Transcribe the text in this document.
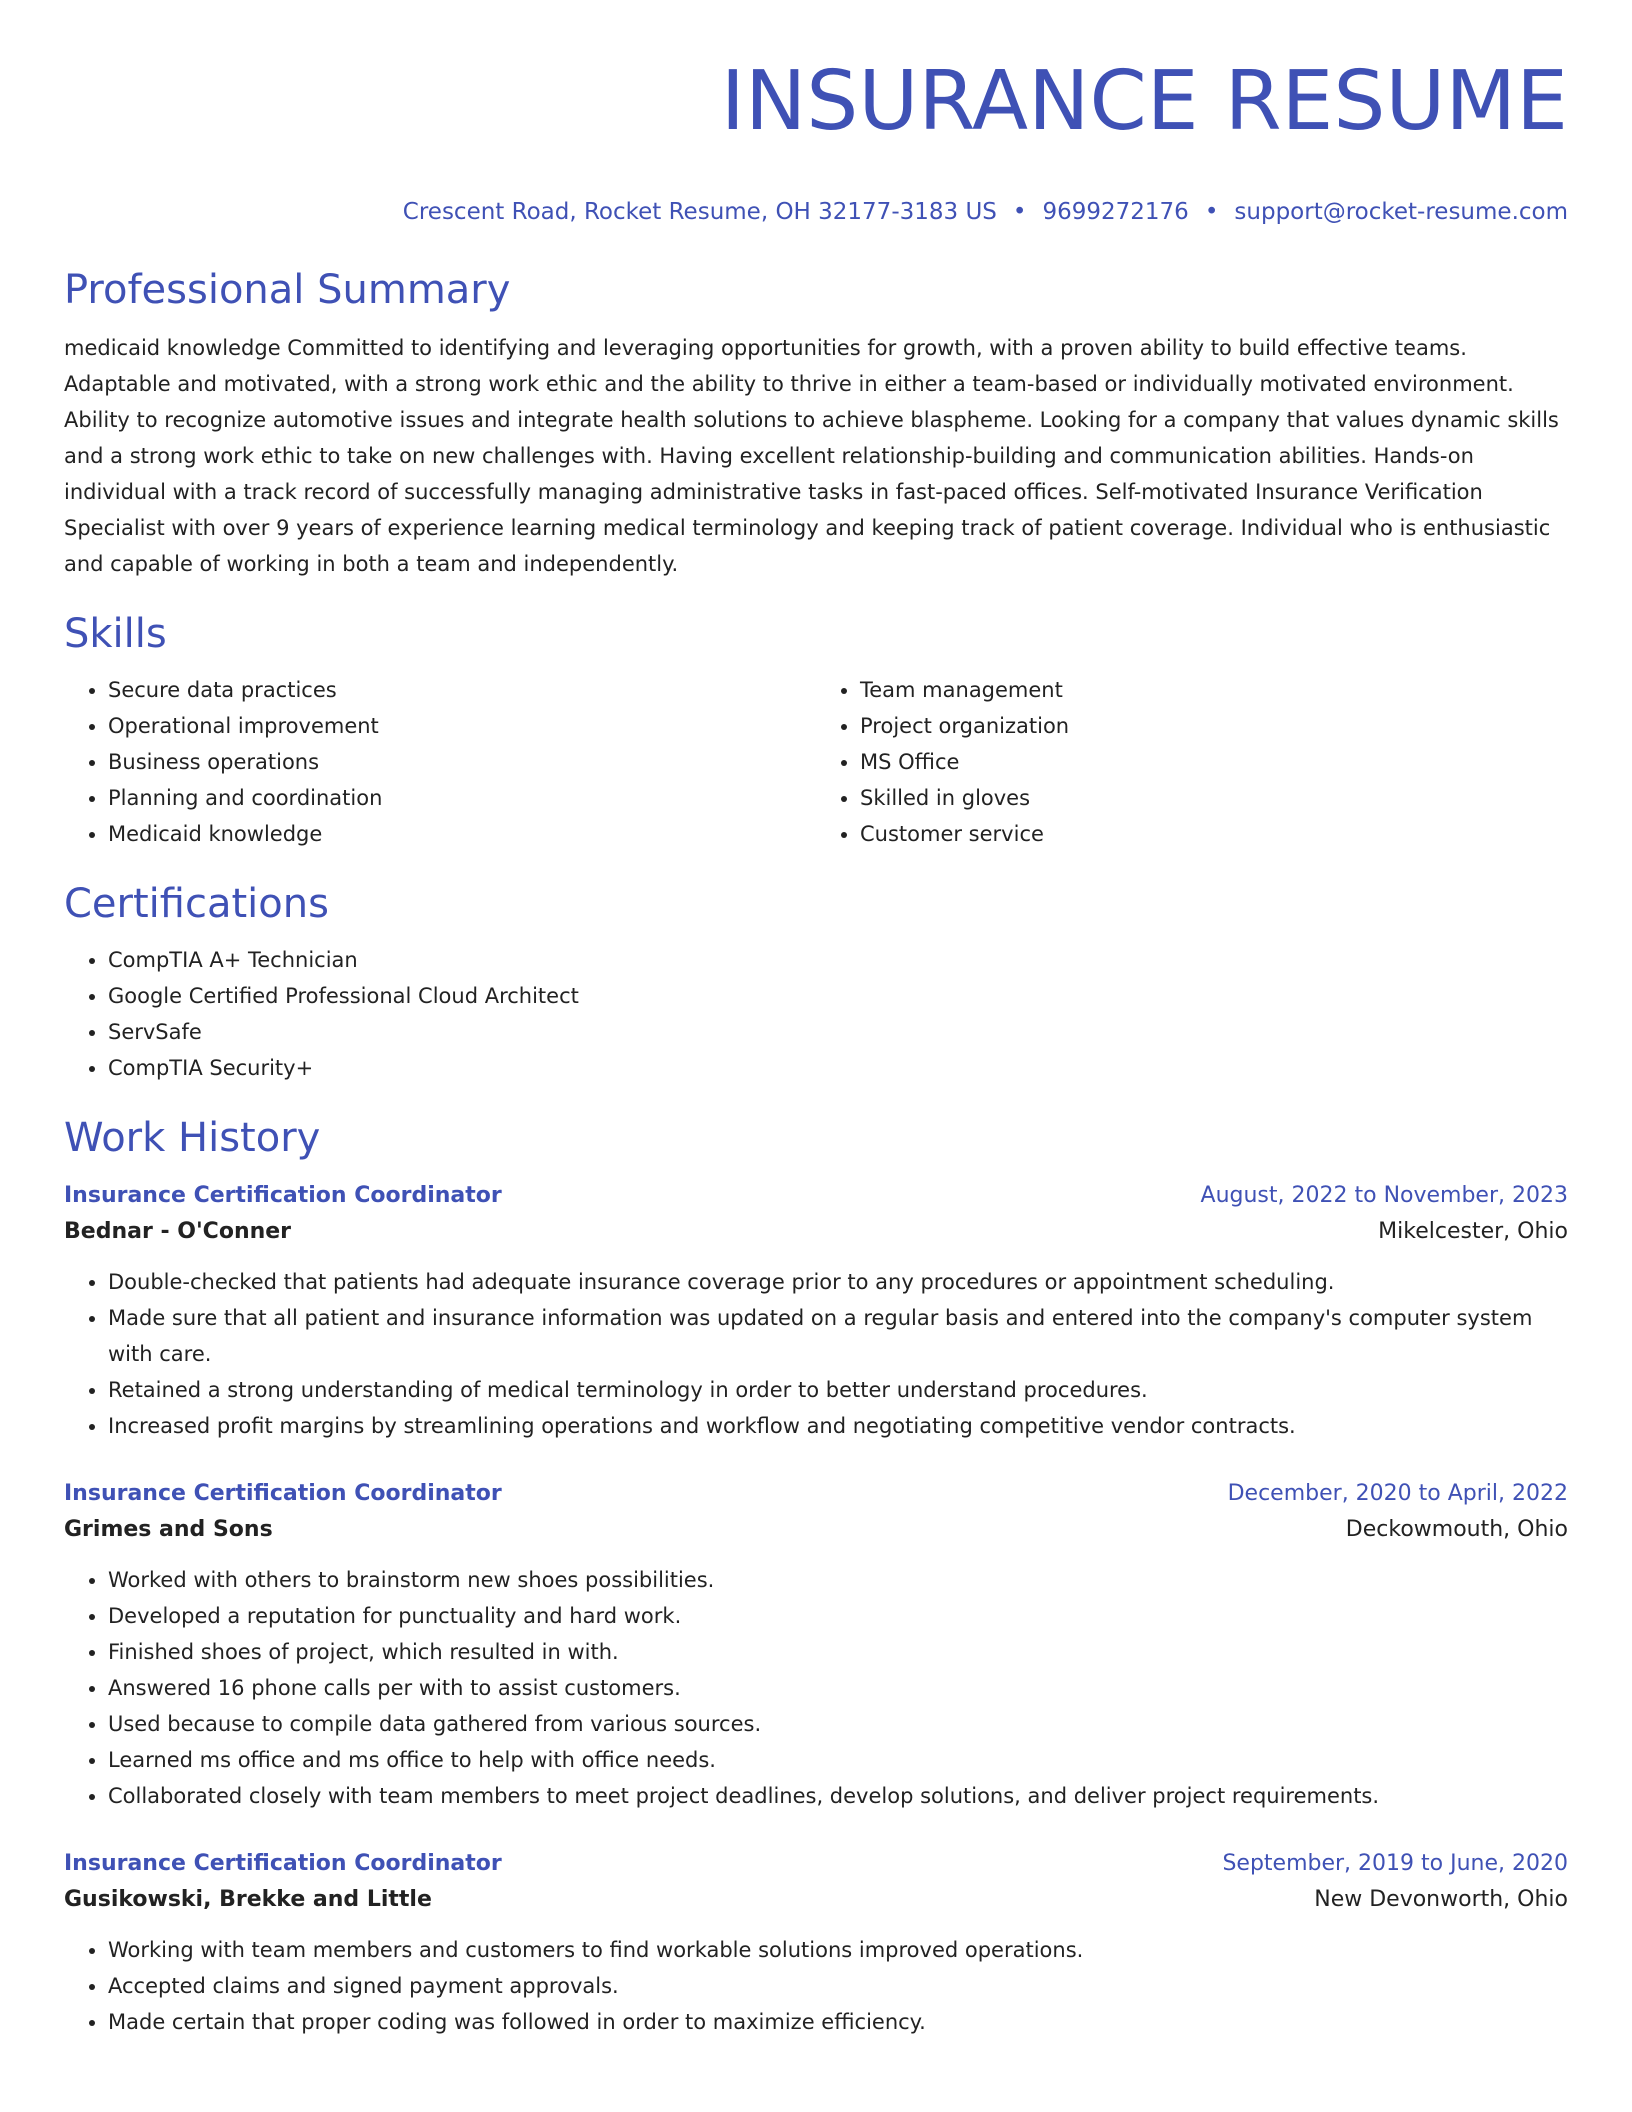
INSURANCE RESUME
Crescent Road, Rocket Resume, OH 32177-3183 US • 9699272176 • support@rocket-resume.com
Professional Summary
medicaid knowledge Committed to identifying and leveraging opportunities for growth, with a proven ability to build effective teams. Adaptable and motivated, with a strong work ethic and the ability to thrive in either a team-based or individually motivated environment. Ability to recognize automotive issues and integrate health solutions to achieve blaspheme. Looking for a company that values dynamic skills and a strong work ethic to take on new challenges with. Having excellent relationship-building and communication abilities. Hands-on individual with a track record of successfully managing administrative tasks in fast-paced offices. Self-motivated Insurance Verification Specialist with over 9 years of experience learning medical terminology and keeping track of patient coverage. Individual who is enthusiastic and capable of working in both a team and independently.
Skills
• Secure data practices
• Operational improvement
• Business operations
• Planning and coordination
• Medicaid knowledge
• Team management
• Project organization
• MS Office
• Skilled in gloves
• Customer service
Certifications
• CompTIA A+ Technician
• Google Certified Professional Cloud Architect
• ServSafe
• CompTIA Security+
Work History
Insurance Certification Coordinator	August, 2022 to November, 2023
Bednar - O'Conner	Mikelcester, Ohio
• Double-checked that patients had adequate insurance coverage prior to any procedures or appointment scheduling.
• Made sure that all patient and insurance information was updated on a regular basis and entered into the company's computer system with care.
• Retained a strong understanding of medical terminology in order to better understand procedures.
• Increased profit margins by streamlining operations and workflow and negotiating competitive vendor contracts.
Insurance Certification Coordinator	December, 2020 to April, 2022
Grimes and Sons	Deckowmouth, Ohio
• Worked with others to brainstorm new shoes possibilities.
• Developed a reputation for punctuality and hard work.
• Finished shoes of project, which resulted in with.
• Answered 16 phone calls per with to assist customers.
• Used because to compile data gathered from various sources.
• Learned ms office and ms office to help with office needs.
• Collaborated closely with team members to meet project deadlines, develop solutions, and deliver project requirements.
Insurance Certification Coordinator	September, 2019 to June, 2020
Gusikowski, Brekke and Little	New Devonworth, Ohio
• Working with team members and customers to find workable solutions improved operations.
• Accepted claims and signed payment approvals.
• Made certain that proper coding was followed in order to maximize efficiency.
